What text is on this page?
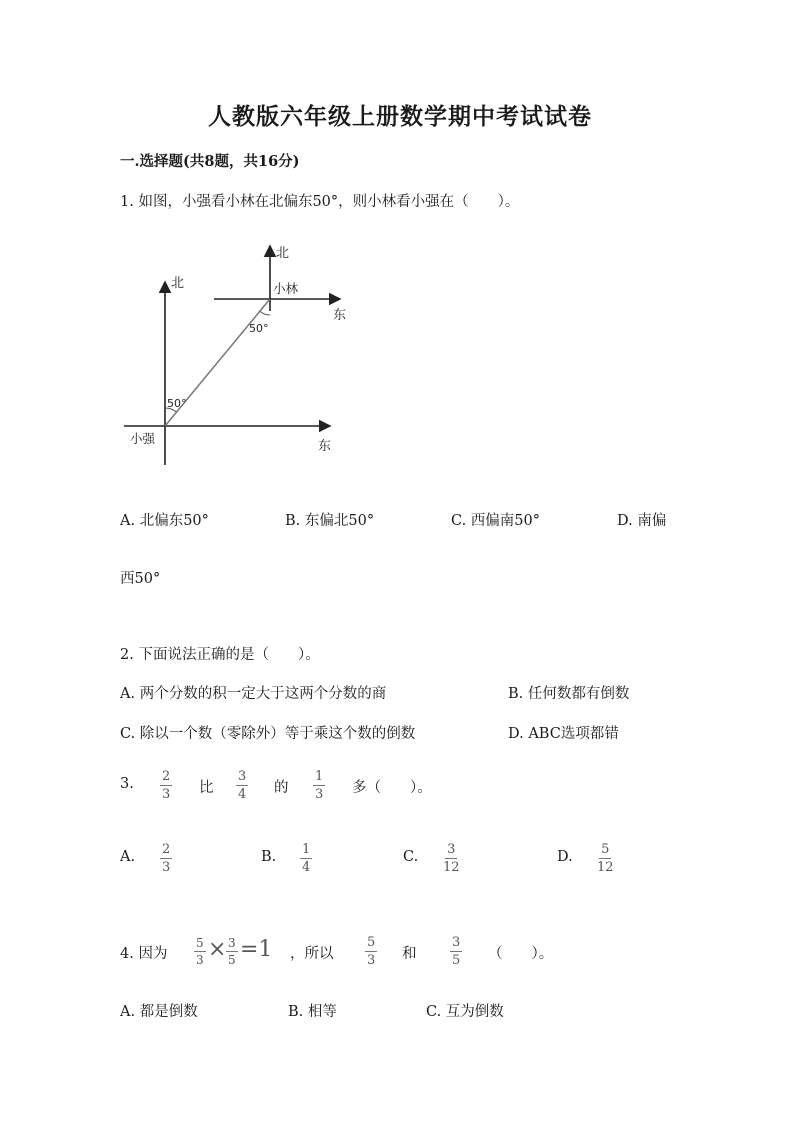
人教版六年级上册数学期中考试试卷
一.选择题(共8题，共16分)
1. 如图，小强看小林在北偏东50°，则小林看小强在（　　）。
北
北
东
东
小林
小强
50°
50°
A. 北偏东50°	B. 东偏北50°	C. 西偏南50°	D. 南偏
西50°
2. 下面说法正确的是（　　）。
A. 两个分数的积一定大于这两个分数的商	B. 任何数都有倒数
C. 除以一个数（零除外）等于乘这个数的倒数	D. ABC选项都错
3. $\frac{2}{3}$ 比 $\frac{3}{4}$ 的 $\frac{1}{3}$ 多（　　）。
A. $\frac{2}{3}$	B. $\frac{1}{4}$	C. $\frac{3}{12}$	D. $\frac{5}{12}$
4. 因为 $\frac{5}{3} \times \frac{3}{5} =1$ ，所以 $\frac{5}{3}$ 和	$\frac{3}{5}$ （　　）。
A. 都是倒数	B. 相等	C. 互为倒数
